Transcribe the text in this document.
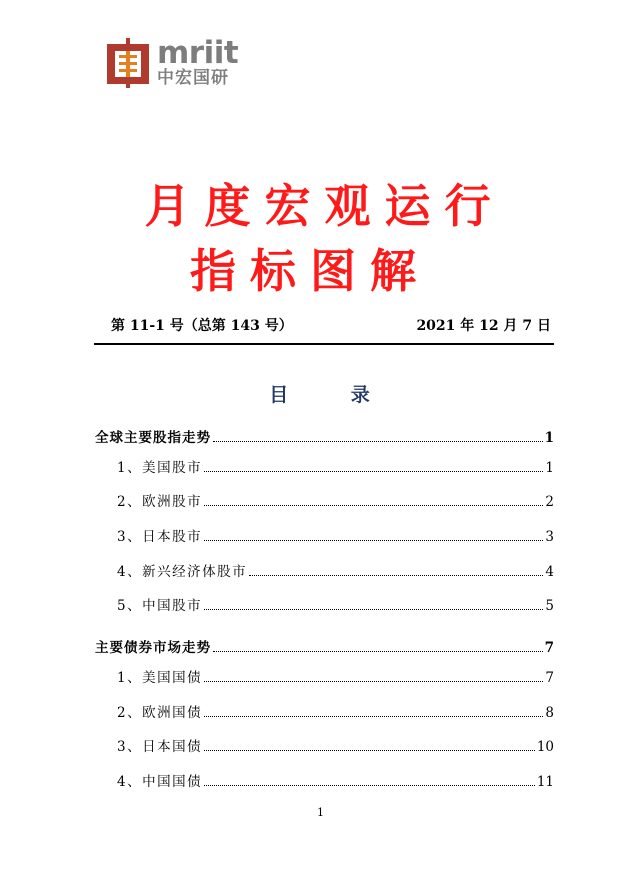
mriit
中宏国研
月度宏观运行
指标图解
第 11-1 号（总第 143 号）	2021 年 12 月 7 日
目 录
全球主要股指走势	1
1、美国股市	1
2、欧洲股市	2
3、日本股市	3
4、新兴经济体股市	4
5、中国股市	5
主要债券市场走势	7
1、美国国债	7
2、欧洲国债	8
3、日本国债	10
4、中国国债	11
1
